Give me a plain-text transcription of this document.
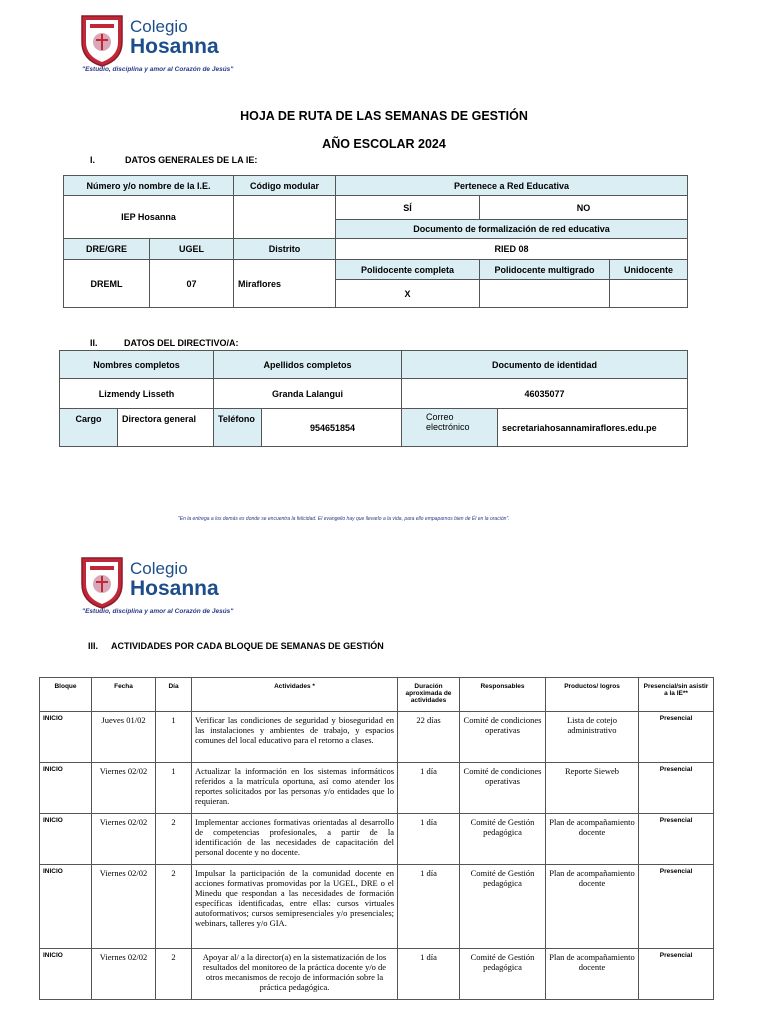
Colegio
Hosanna
"Estudio, disciplina y amor al Corazón de Jesús"
HOJA DE RUTA DE LAS SEMANAS DE GESTIÓN
AÑO ESCOLAR 2024
I.	DATOS GENERALES DE LA IE:
Número y/o nombre de la I.E.		Código modular	Pertenece a Red Educativa		
IEP Hosanna			SÍ	NO	
			Documento de formalización de red educativa		
DRE/GRE	UGEL	Distrito	RIED 08		
DREML	07	Miraflores	Polidocente completa	Polidocente multigrado	Unidocente
			X		
II.	DATOS DEL DIRECTIVO/A:
Nombres completos		Apellidos completos		Documento de identidad	
Lizmendy Lisseth		Granda Lalangui		46035077	
Cargo	Directora general	Teléfono	954651854	Correo electrónico	secretariahosannamiraflores.edu.pe
"En la entrega a los demás es donde se encuentra la felicidad. El evangelio hay que llevarlo a la vida, para ello empaparnos bien de Él en la oración".
Colegio
Hosanna
"Estudio, disciplina y amor al Corazón de Jesús"
III. ACTIVIDADES POR CADA BLOQUE DE SEMANAS DE GESTIÓN
Bloque	Fecha	Día	Actividades *	Duración aproximada de actividades	Responsables	Productos/ logros	Presencial/sin asistir a la IE**
INICIO	Jueves 01/02	1	Verificar las condiciones de seguridad y bioseguridad en las instalaciones y ambientes de trabajo, y espacios comunes del local educativo para el retorno a clases.	22 días	Comité de condiciones operativas	Lista de cotejo administrativo	Presencial
INICIO	Viernes 02/02	1	Actualizar la información en los sistemas informáticos referidos a la matrícula oportuna, así como atender los reportes solicitados por las personas y/o entidades que lo requieran.	1 día	Comité de condiciones operativas	Reporte Sieweb	Presencial
INICIO	Viernes 02/02	2	Implementar acciones formativas orientadas al desarrollo de competencias profesionales, a partir de la identificación de las necesidades de capacitación del personal docente y no docente.	1 día	Comité de Gestión pedagógica	Plan de acompañamiento docente	Presencial
INICIO	Viernes 02/02	2	Impulsar la participación de la comunidad docente en acciones formativas promovidas por la UGEL, DRE o el Minedu que respondan a las necesidades de formación específicas identificadas, entre ellas: cursos virtuales autoformativos; cursos semipresenciales y/o presenciales; webinars, talleres y/o GIA.	1 día	Comité de Gestión pedagógica	Plan de acompañamiento docente	Presencial
INICIO	Viernes 02/02	2	Apoyar al/ a la director(a) en la sistematización de los resultados del monitoreo de la práctica docente y/o de otros mecanismos de recojo de información sobre la práctica pedagógica.	1 día	Comité de Gestión pedagógica	Plan de acompañamiento docente	Presencial
